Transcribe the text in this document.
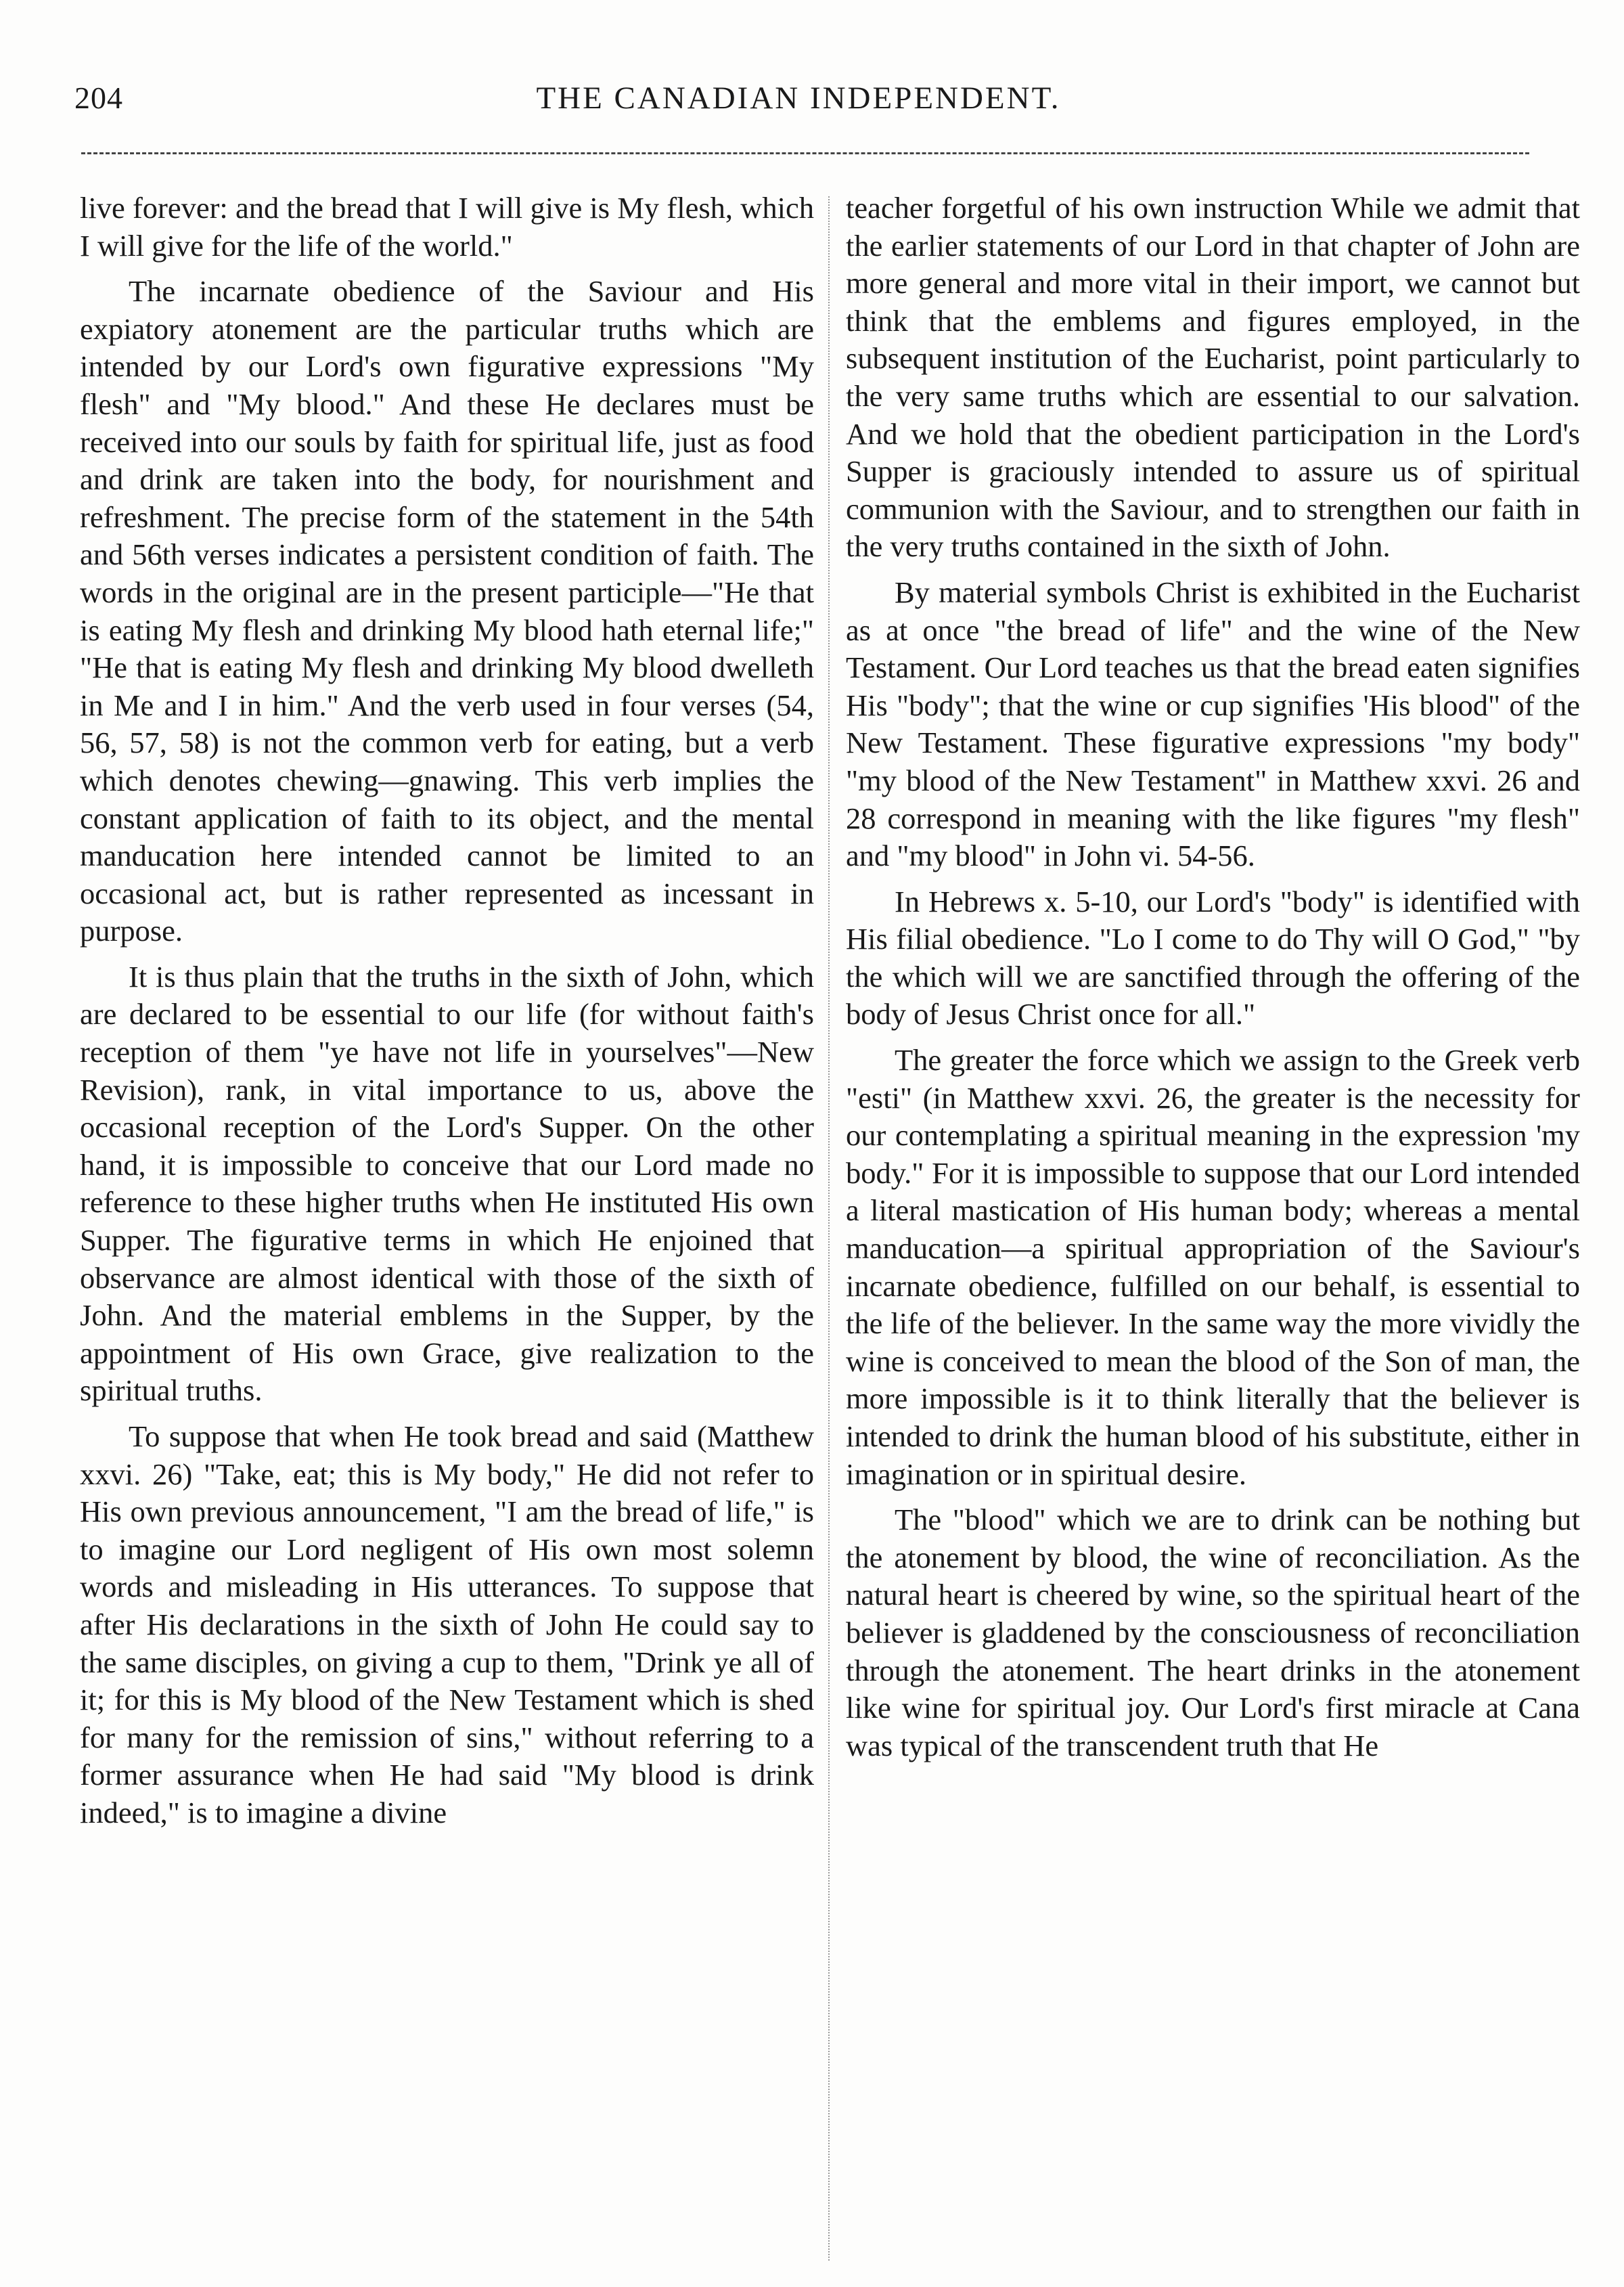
204	THE CANADIAN INDEPENDENT.

live forever: and the bread that I will give is My flesh, which I will give for the life of the world."

The incarnate obedience of the Saviour and His expiatory atonement are the particular truths which are intended by our Lord's own figurative expressions "My flesh" and "My blood." And these He declares must be received into our souls by faith for spiritual life, just as food and drink are taken into the body, for nourishment and refreshment. The precise form of the statement in the 54th and 56th verses indicates a persistent condition of faith. The words in the original are in the present participle—"He that is eating My flesh and drinking My blood hath eternal life;" "He that is eating My flesh and drinking My blood dwelleth in Me and I in him." And the verb used in four verses (54, 56, 57, 58) is not the common verb for eating, but a verb which denotes chewing—gnawing. This verb implies the constant application of faith to its object, and the mental manducation here intended cannot be limited to an occasional act, but is rather represented as incessant in purpose.

It is thus plain that the truths in the sixth of John, which are declared to be essential to our life (for without faith's reception of them "ye have not life in yourselves"—New Revision), rank, in vital importance to us, above the occasional reception of the Lord's Supper. On the other hand, it is impossible to conceive that our Lord made no reference to these higher truths when He instituted His own Supper. The figurative terms in which He enjoined that observance are almost identical with those of the sixth of John. And the material emblems in the Supper, by the appointment of His own Grace, give realization to the spiritual truths.

To suppose that when He took bread and said (Matthew xxvi. 26) "Take, eat; this is My body," He did not refer to His own previous announcement, "I am the bread of life," is to imagine our Lord negligent of His own most solemn words and misleading in His utterances. To suppose that after His declarations in the sixth of John He could say to the same disciples, on giving a cup to them, "Drink ye all of it; for this is My blood of the New Testament which is shed for many for the remission of sins," without referring to a former assurance when He had said "My blood is drink indeed," is to imagine a divine

teacher forgetful of his own instruction While we admit that the earlier statements of our Lord in that chapter of John are more general and more vital in their import, we cannot but think that the emblems and figures employed, in the subsequent institution of the Eucharist, point particularly to the very same truths which are essential to our salvation. And we hold that the obedient participation in the Lord's Supper is graciously intended to assure us of spiritual communion with the Saviour, and to strengthen our faith in the very truths contained in the sixth of John.

By material symbols Christ is exhibited in the Eucharist as at once "the bread of life" and the wine of the New Testament. Our Lord teaches us that the bread eaten signifies His "body"; that the wine or cup signifies 'His blood" of the New Testament. These figurative expressions "my body" "my blood of the New Testament" in Matthew xxvi. 26 and 28 correspond in meaning with the like figures "my flesh" and "my blood" in John vi. 54-56.

In Hebrews x. 5-10, our Lord's "body" is identified with His filial obedience. "Lo I come to do Thy will O God," "by the which will we are sanctified through the offering of the body of Jesus Christ once for all."

The greater the force which we assign to the Greek verb "esti" (in Matthew xxvi. 26, the greater is the necessity for our contemplating a spiritual meaning in the expression 'my body." For it is impossible to suppose that our Lord intended a literal mastication of His human body; whereas a mental manducation—a spiritual appropriation of the Saviour's incarnate obedience, fulfilled on our behalf, is essential to the life of the believer. In the same way the more vividly the wine is conceived to mean the blood of the Son of man, the more impossible is it to think literally that the believer is intended to drink the human blood of his substitute, either in imagination or in spiritual desire.

The "blood" which we are to drink can be nothing but the atonement by blood, the wine of reconciliation. As the natural heart is cheered by wine, so the spiritual heart of the believer is gladdened by the consciousness of reconciliation through the atonement. The heart drinks in the atonement like wine for spiritual joy. Our Lord's first miracle at Cana was typical of the transcendent truth that He
